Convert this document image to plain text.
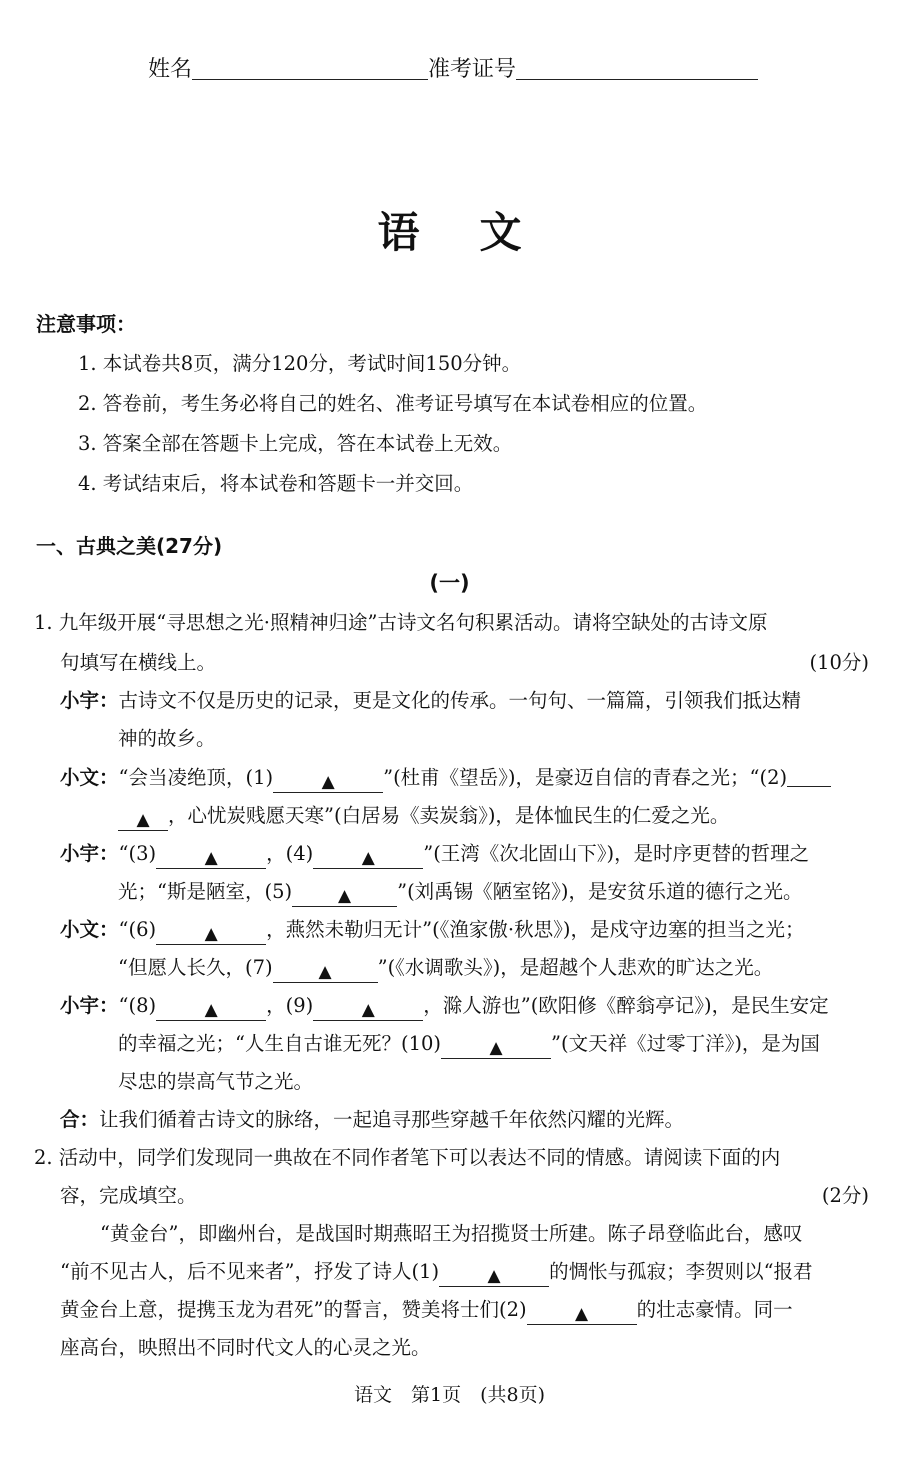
姓名	准考证号
语文
注意事项：
1. 本试卷共8页，满分120分，考试时间150分钟。
2. 答卷前，考生务必将自己的姓名、准考证号填写在本试卷相应的位置。
3. 答案全部在答题卡上完成，答在本试卷上无效。
4. 考试结束后，将本试卷和答题卡一并交回。
一、古典之美(27分)
(一)
1. 九年级开展“寻思想之光·照精神归途”古诗文名句积累活动。请将空缺处的古诗文原
句填写在横线上。	(10分)
小宇：古诗文不仅是历史的记录，更是文化的传承。一句句、一篇篇，引领我们抵达精
神的故乡。
小文：“会当凌绝顶，(1)	▲ ”(杜甫《望岳》)，是豪迈自信的青春之光；“(2)
▲ ，心忧炭贱愿天寒”(白居易《卖炭翁》)，是体恤民生的仁爱之光。
小宇：“(3)	▲ ，(4)	▲ ”(王湾《次北固山下》)，是时序更替的哲理之
光；“斯是陋室，(5)	▲ ”(刘禹锡《陋室铭》)，是安贫乐道的德行之光。
小文：“(6)	▲ ，燕然未勒归无计”(《渔家傲·秋思》)，是戍守边塞的担当之光；
“但愿人长久，(7)	▲ ”(《水调歌头》)，是超越个人悲欢的旷达之光。
小宇：“(8)	▲ ，(9)	▲ ，滁人游也”(欧阳修《醉翁亭记》)，是民生安定
的幸福之光；“人生自古谁无死？(10)	▲ ”(文天祥《过零丁洋》)，是为国
尽忠的崇高气节之光。
合：让我们循着古诗文的脉络，一起追寻那些穿越千年依然闪耀的光辉。
2. 活动中，同学们发现同一典故在不同作者笔下可以表达不同的情感。请阅读下面的内
容，完成填空。	(2分)
“黄金台”，即幽州台，是战国时期燕昭王为招揽贤士所建。陈子昂登临此台，感叹
“前不见古人，后不见来者”，抒发了诗人(1)	▲ 的惆怅与孤寂；李贺则以“报君
黄金台上意，提携玉龙为君死”的誓言，赞美将士们(2)	▲ 的壮志豪情。同一
座高台，映照出不同时代文人的心灵之光。
语文　第1页　(共8页)
